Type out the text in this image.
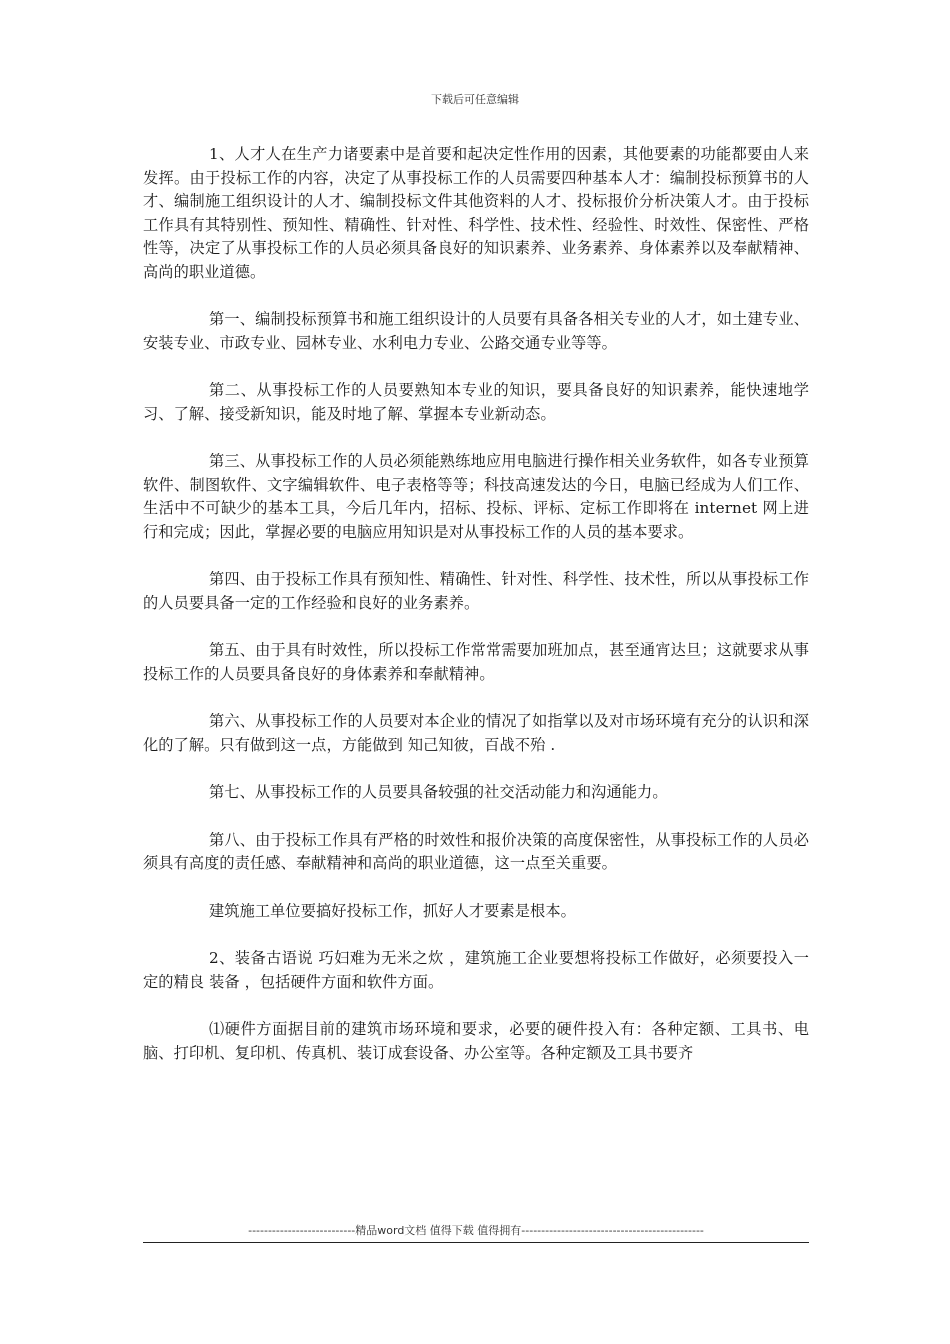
下载后可任意编辑

1、人才人在生产力诸要素中是首要和起决定性作用的因素，其他要素的功能都要由人来发挥。由于投标工作的内容，决定了从事投标工作的人员需要四种基本人才：编制投标预算书的人才、编制施工组织设计的人才、编制投标文件其他资料的人才、投标报价分析决策人才。由于投标工作具有其特别性、预知性、精确性、针对性、科学性、技术性、经验性、时效性、保密性、严格性等，决定了从事投标工作的人员必须具备良好的知识素养、业务素养、身体素养以及奉献精神、高尚的职业道德。

第一、编制投标预算书和施工组织设计的人员要有具备各相关专业的人才，如土建专业、安装专业、市政专业、园林专业、水利电力专业、公路交通专业等等。

第二、从事投标工作的人员要熟知本专业的知识，要具备良好的知识素养，能快速地学习、了解、接受新知识，能及时地了解、掌握本专业新动态。

第三、从事投标工作的人员必须能熟练地应用电脑进行操作相关业务软件，如各专业预算软件、制图软件、文字编辑软件、电子表格等等；科技高速发达的今日，电脑已经成为人们工作、生活中不可缺少的基本工具，今后几年内，招标、投标、评标、定标工作即将在 internet 网上进行和完成；因此，掌握必要的电脑应用知识是对从事投标工作的人员的基本要求。

第四、由于投标工作具有预知性、精确性、针对性、科学性、技术性，所以从事投标工作的人员要具备一定的工作经验和良好的业务素养。

第五、由于具有时效性，所以投标工作常常需要加班加点，甚至通宵达旦；这就要求从事投标工作的人员要具备良好的身体素养和奉献精神。

第六、从事投标工作的人员要对本企业的情况了如指掌以及对市场环境有充分的认识和深化的了解。只有做到这一点，方能做到 知己知彼，百战不殆 .

第七、从事投标工作的人员要具备较强的社交活动能力和沟通能力。

第八、由于投标工作具有严格的时效性和报价决策的高度保密性，从事投标工作的人员必须具有高度的责任感、奉献精神和高尚的职业道德，这一点至关重要。

建筑施工单位要搞好投标工作，抓好人才要素是根本。

2、装备古语说 巧妇难为无米之炊 ，建筑施工企业要想将投标工作做好，必须要投入一定的精良 装备 ，包括硬件方面和软件方面。

⑴硬件方面据目前的建筑市场环境和要求，必要的硬件投入有：各种定额、工具书、电脑、打印机、复印机、传真机、装订成套设备、办公室等。各种定额及工具书要齐

---------------------------精品word文档 值得下载 值得拥有----------------------------------------------
